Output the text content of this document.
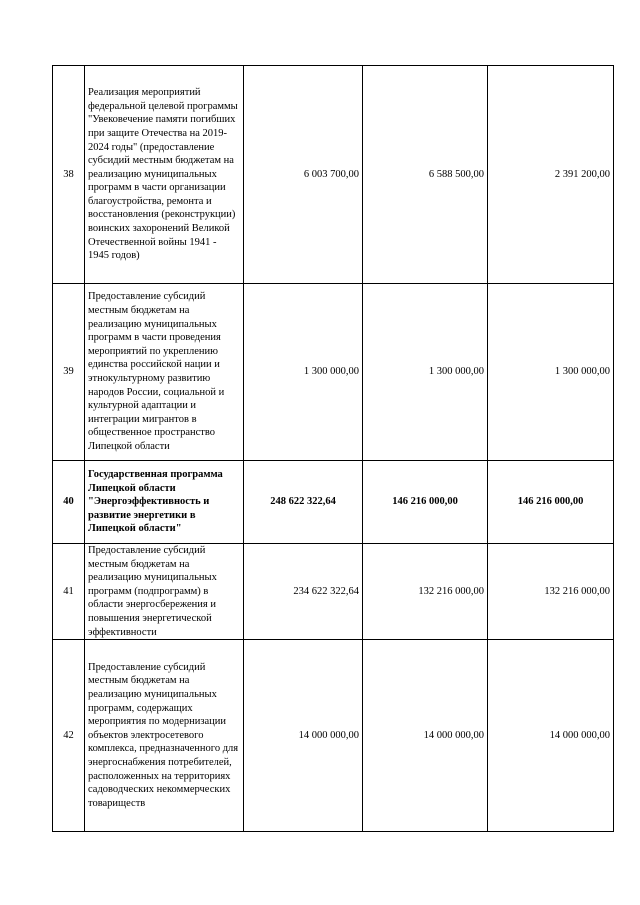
38	Реализация мероприятий федеральной целевой программы "Увековечение памяти погибших при защите Отечества на 2019-2024 годы" (предоставление субсидий местным бюджетам на реализацию муниципальных программ в части организации благоустройства, ремонта и восстановления (реконструкции) воинских захоронений Великой Отечественной войны 1941 - 1945 годов)	6 003 700,00	6 588 500,00	2 391 200,00
39	Предоставление субсидий местным бюджетам на реализацию муниципальных программ в части проведения мероприятий по укреплению единства российской нации и этнокультурному развитию народов России, социальной и культурной адаптации и интеграции мигрантов в общественное пространство Липецкой области	1 300 000,00	1 300 000,00	1 300 000,00
40	Государственная программа Липецкой области "Энергоэффективность и развитие энергетики в Липецкой области"	248 622 322,64	146 216 000,00	146 216 000,00
41	Предоставление субсидий местным бюджетам на реализацию муниципальных программ (подпрограмм) в области энергосбережения и повышения энергетической эффективности	234 622 322,64	132 216 000,00	132 216 000,00
42	Предоставление субсидий местным бюджетам на реализацию муниципальных программ, содержащих мероприятия по модернизации объектов электросетевого комплекса, предназначенного для энергоснабжения потребителей, расположенных на территориях садоводческих некоммерческих товариществ	14 000 000,00	14 000 000,00	14 000 000,00
